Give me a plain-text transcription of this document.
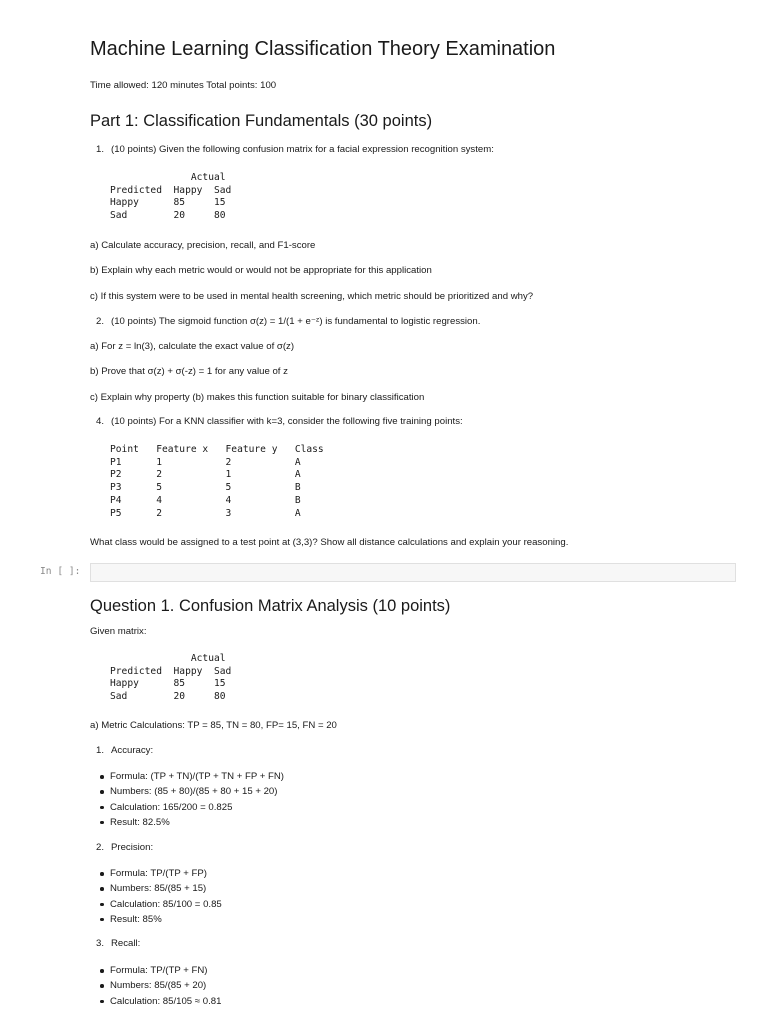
Machine Learning Classification Theory Examination
Time allowed: 120 minutes Total points: 100
Part 1: Classification Fundamentals (30 points)
1. (10 points) Given the following confusion matrix for a facial expression recognition system:
Actual
Predicted  Happy  Sad
Happy      85     15
Sad        20     80
a) Calculate accuracy, precision, recall, and F1-score
b) Explain why each metric would or would not be appropriate for this application
c) If this system were to be used in mental health screening, which metric should be prioritized and why?
2. (10 points) The sigmoid function σ(z) = 1/(1 + e⁻ᶻ) is fundamental to logistic regression.
a) For z = ln(3), calculate the exact value of σ(z)
b) Prove that σ(z) + σ(-z) = 1 for any value of z
c) Explain why property (b) makes this function suitable for binary classification
4. (10 points) For a KNN classifier with k=3, consider the following five training points:
Point   Feature x   Feature y   Class
P1      1           2           A
P2      2           1           A
P3      5           5           B
P4      4           4           B
P5      2           3           A
What class would be assigned to a test point at (3,3)? Show all distance calculations and explain your reasoning.
Question 1. Confusion Matrix Analysis (10 points)
Given matrix:
Actual
Predicted  Happy  Sad
Happy      85     15
Sad        20     80
a) Metric Calculations: TP = 85, TN = 80, FP= 15, FN = 20
1. Accuracy:
Formula: (TP + TN)/(TP + TN + FP + FN)
Numbers: (85 + 80)/(85 + 80 + 15 + 20)
Calculation: 165/200 = 0.825
Result: 82.5%
2. Precision:
Formula: TP/(TP + FP)
Numbers: 85/(85 + 15)
Calculation: 85/100 = 0.85
Result: 85%
3. Recall:
Formula: TP/(TP + FN)
Numbers: 85/(85 + 20)
Calculation: 85/105 ≈ 0.81
In [ ]:
